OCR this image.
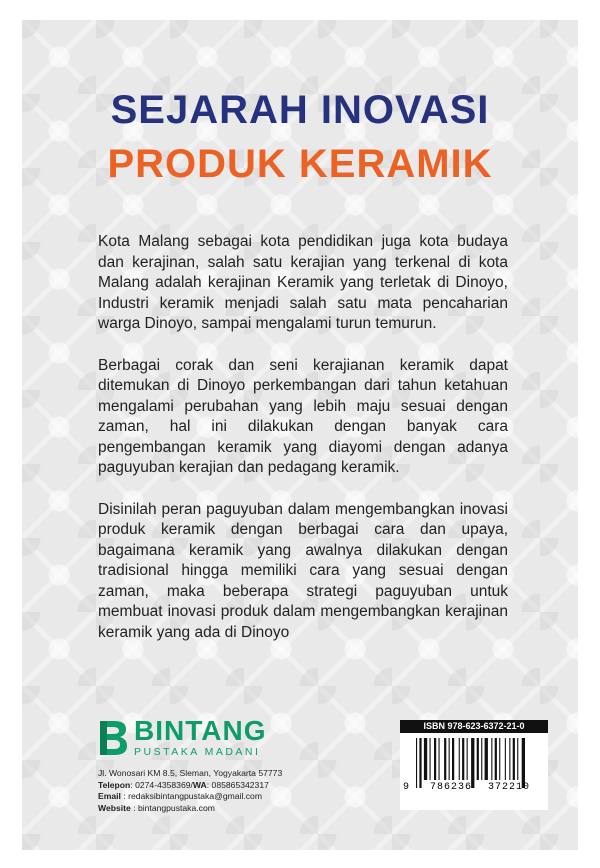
SEJARAH INOVASI
PRODUK KERAMIK

Kota Malang sebagai kota pendidikan juga kota budaya dan kerajinan, salah satu kerajian yang terkenal di kota Malang adalah kerajinan Keramik yang terletak di Dinoyo, Industri keramik menjadi salah satu mata pencaharian warga Dinoyo, sampai mengalami turun temurun.

Berbagai corak dan seni kerajianan keramik dapat ditemukan di Dinoyo perkembangan dari tahun ketahuan mengalami perubahan yang lebih maju sesuai dengan zaman, hal ini dilakukan dengan banyak cara pengembangan keramik yang diayomi dengan adanya paguyuban kerajian dan pedagang keramik.

Disinilah peran paguyuban dalam mengembangkan inovasi produk keramik dengan berbagai cara dan upaya, bagaimana keramik yang awalnya dilakukan dengan tradisional hingga memiliki cara yang sesuai dengan zaman, maka beberapa strategi paguyuban untuk membuat inovasi produk dalam mengembangkan kerajinan keramik yang ada di Dinoyo

BINTANG
PUSTAKA MADANI
Jl. Wonosari KM 8.5, Sleman, Yogyakarta 57773
Telepon: 0274-4358369/WA: 085865342317
Email : redaksibintangpustaka@gmail.com
Website : bintangpustaka.com
ISBN 978-623-6372-21-0
9 786236 372210
